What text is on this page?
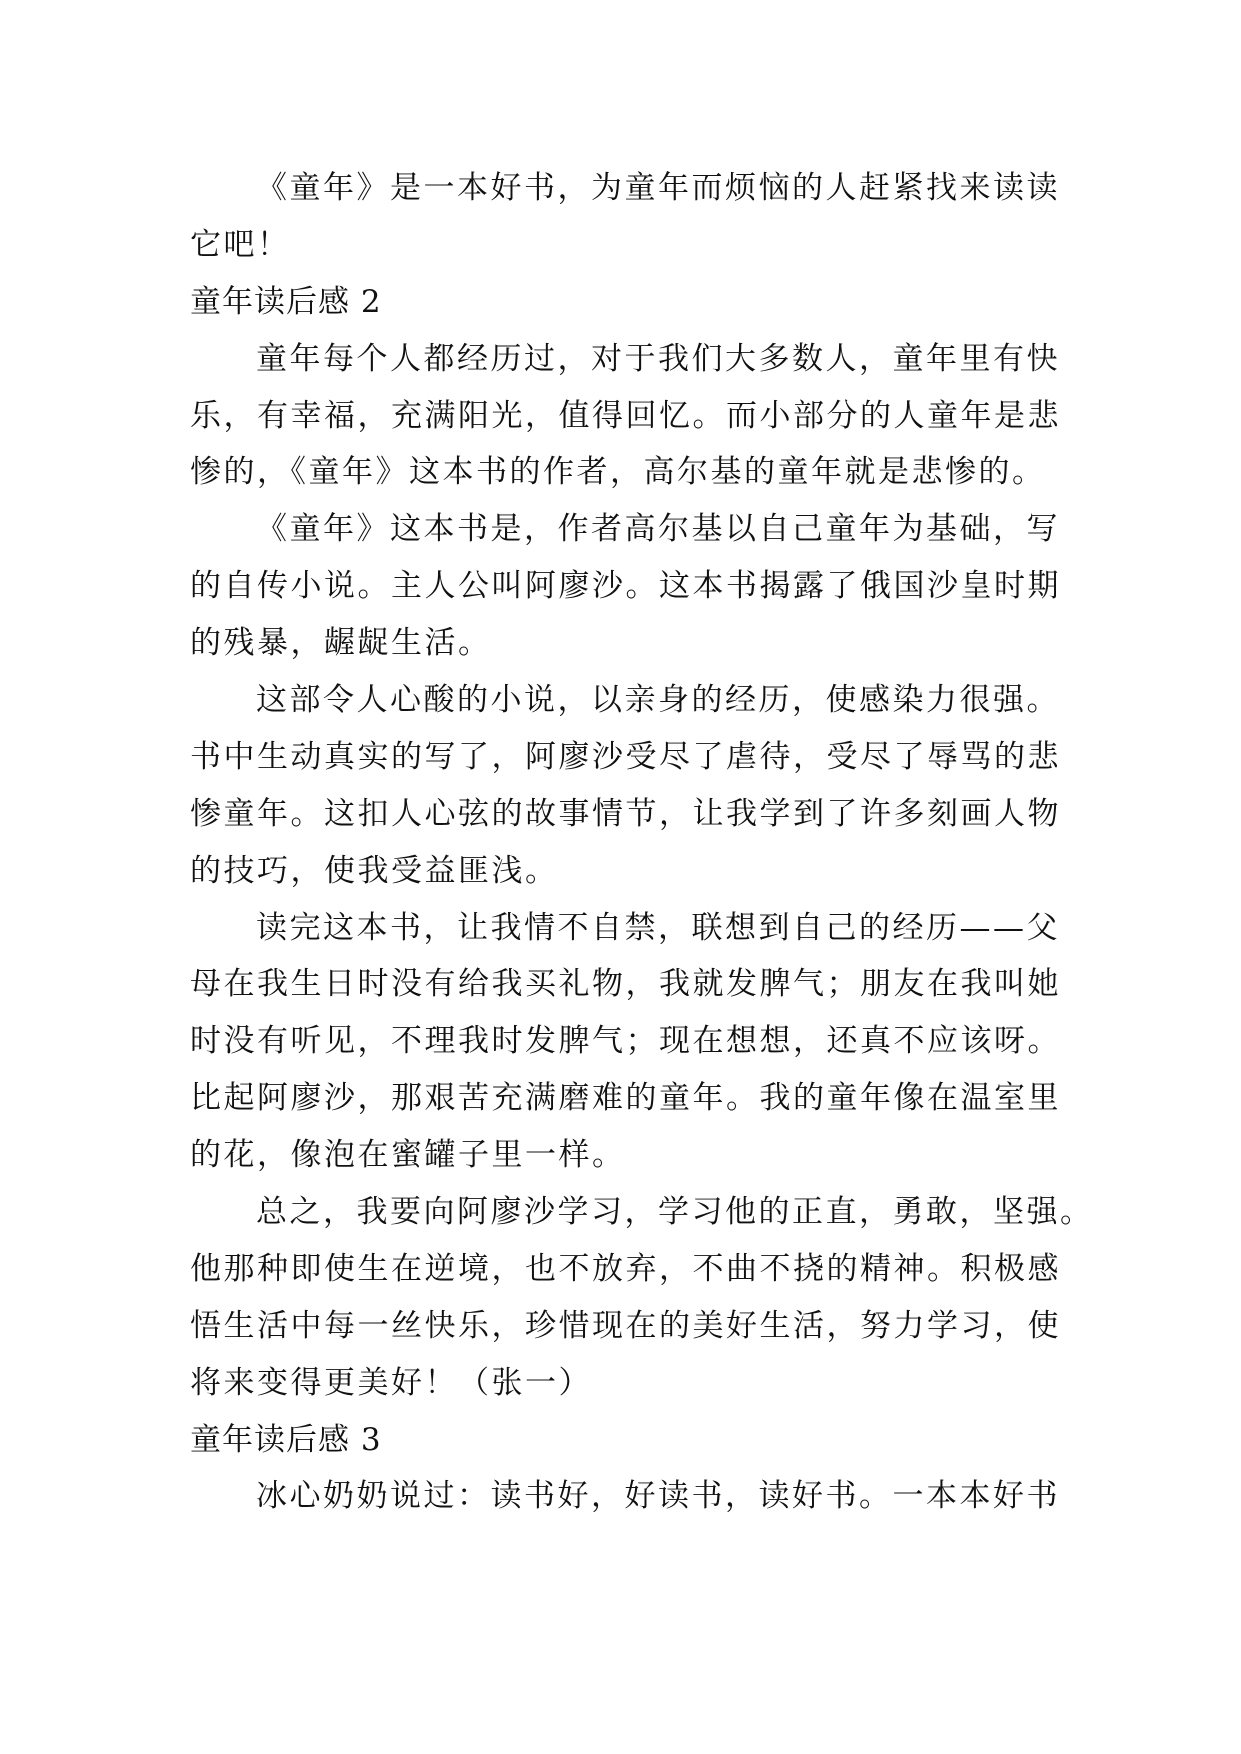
《童年》是一本好书，为童年而烦恼的人赶紧找来读读
它吧！
童年读后感 2
童年每个人都经历过，对于我们大多数人，童年里有快
乐，有幸福，充满阳光，值得回忆。而小部分的人童年是悲
惨的，《童年》这本书的作者，高尔基的童年就是悲惨的。
《童年》这本书是，作者高尔基以自己童年为基础，写
的自传小说。主人公叫阿廖沙。这本书揭露了俄国沙皇时期
的残暴，龌龊生活。
这部令人心酸的小说，以亲身的经历，使感染力很强。
书中生动真实的写了，阿廖沙受尽了虐待，受尽了辱骂的悲
惨童年。这扣人心弦的故事情节，让我学到了许多刻画人物
的技巧，使我受益匪浅。
读完这本书，让我情不自禁，联想到自己的经历——父
母在我生日时没有给我买礼物，我就发脾气；朋友在我叫她
时没有听见，不理我时发脾气；现在想想，还真不应该呀。
比起阿廖沙，那艰苦充满磨难的童年。我的童年像在温室里
的花，像泡在蜜罐子里一样。
总之，我要向阿廖沙学习，学习他的正直，勇敢，坚强。
他那种即使生在逆境，也不放弃，不曲不挠的精神。积极感
悟生活中每一丝快乐，珍惜现在的美好生活，努力学习，使
将来变得更美好！（张一）
童年读后感 3
冰心奶奶说过：读书好，好读书，读好书。一本本好书
